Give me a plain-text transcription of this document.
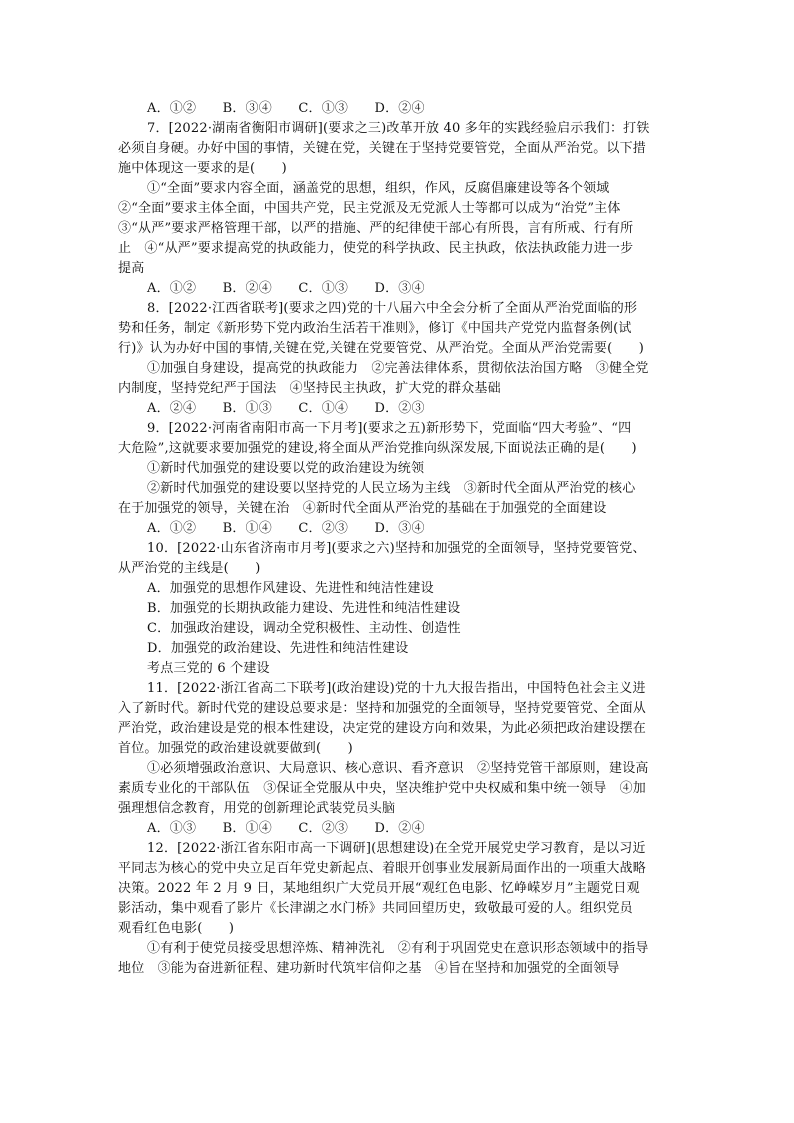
A．①②　　B．③④　　C．①③　　D．②④
7．[2022·湖南省衡阳市调研](要求之三)改革开放 40 多年的实践经验启示我们：打铁
必须自身硬。办好中国的事情，关键在党，关键在于坚持党要管党，全面从严治党。以下措
施中体现这一要求的是(　　)
①“全面”要求内容全面，涵盖党的思想，组织，作风，反腐倡廉建设等各个领域
②“全面”要求主体全面，中国共产党，民主党派及无党派人士等都可以成为“治党”主体
③“从严”要求严格管理干部，以严的措施、严的纪律使干部心有所畏，言有所戒、行有所
止　④“从严”要求提高党的执政能力，使党的科学执政、民主执政，依法执政能力进一步
提高
A．①②　　B．②④　　C．①③　　D．③④
8．[2022·江西省联考](要求之四)党的十八届六中全会分析了全面从严治党面临的形
势和任务，制定《新形势下党内政治生活若干准则》，修订《中国共产党党内监督条例(试
行)》认为办好中国的事情,关键在党,关键在党要管党、从严治党。全面从严治党需要(　　)
①加强自身建设，提高党的执政能力　②完善法律体系，贯彻依法治国方略　③健全党
内制度，坚持党纪严于国法　④坚持民主执政，扩大党的群众基础
A．②④　　B．①③　　C．①④　　D．②③
9．[2022·河南省南阳市高一下月考](要求之五)新形势下，党面临“四大考验”、“四
大危险”,这就要求要加强党的建设,将全面从严治党推向纵深发展,下面说法正确的是(　　)
①新时代加强党的建设要以党的政治建设为统领
②新时代加强党的建设要以坚持党的人民立场为主线　③新时代全面从严治党的核心
在于加强党的领导，关键在治　④新时代全面从严治党的基础在于加强党的全面建设
A．①②　　B．①④　　C．②③　　D．③④
10．[2022·山东省济南市月考](要求之六)坚持和加强党的全面领导，坚持党要管党、
从严治党的主线是(　　)
A．加强党的思想作风建设、先进性和纯洁性建设
B．加强党的长期执政能力建设、先进性和纯洁性建设
C．加强政治建设，调动全党积极性、主动性、创造性
D．加强党的政治建设、先进性和纯洁性建设
考点三党的 6 个建设
11．[2022·浙江省高二下联考](政治建设)党的十九大报告指出，中国特色社会主义进
入了新时代。新时代党的建设总要求是：坚持和加强党的全面领导，坚持党要管党、全面从
严治党，政治建设是党的根本性建设，决定党的建设方向和效果，为此必须把政治建设摆在
首位。加强党的政治建设就要做到(　　)
①必须增强政治意识、大局意识、核心意识、看齐意识　②坚持党管干部原则，建设高
素质专业化的干部队伍　③保证全党服从中央，坚决维护党中央权威和集中统一领导　④加
强理想信念教育，用党的创新理论武装党员头脑
A．①③　　B．①④　　C．②③　　D．②④
12．[2022·浙江省东阳市高一下调研](思想建设)在全党开展党史学习教育，是以习近
平同志为核心的党中央立足百年党史新起点、着眼开创事业发展新局面作出的一项重大战略
决策。2022 年 2 月 9 日，某地组织广大党员开展“观红色电影、忆峥嵘岁月”主题党日观
影活动，集中观看了影片《长津湖之水门桥》共同回望历史，致敬最可爱的人。组织党员
观看红色电影(　　)
①有利于使党员接受思想淬炼、精神洗礼　②有利于巩固党史在意识形态领域中的指导
地位　③能为奋进新征程、建功新时代筑牢信仰之基　④旨在坚持和加强党的全面领导
